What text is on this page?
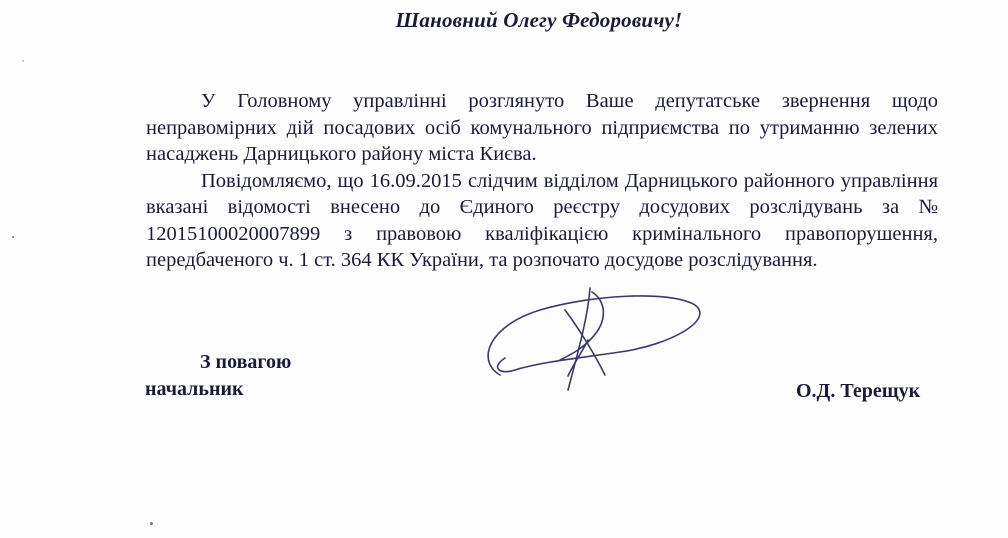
Шановний Олегу Федоровичу!

У Головному управлінні розглянуто Ваше депутатське звернення щодо неправомірних дій посадових осіб комунального підприємства по утриманню зелених насаджень Дарницького району міста Києва.

Повідомляємо, що 16.09.2015 слідчим відділом Дарницького районного управління вказані відомості внесено до Єдиного реєстру досудових розслідувань за № 12015100020007899 з правовою кваліфікацією кримінального правопорушення, передбаченого ч. 1 ст. 364 КК України, та розпочато досудове розслідування.

З повагою
начальник	О.Д. Терещук
